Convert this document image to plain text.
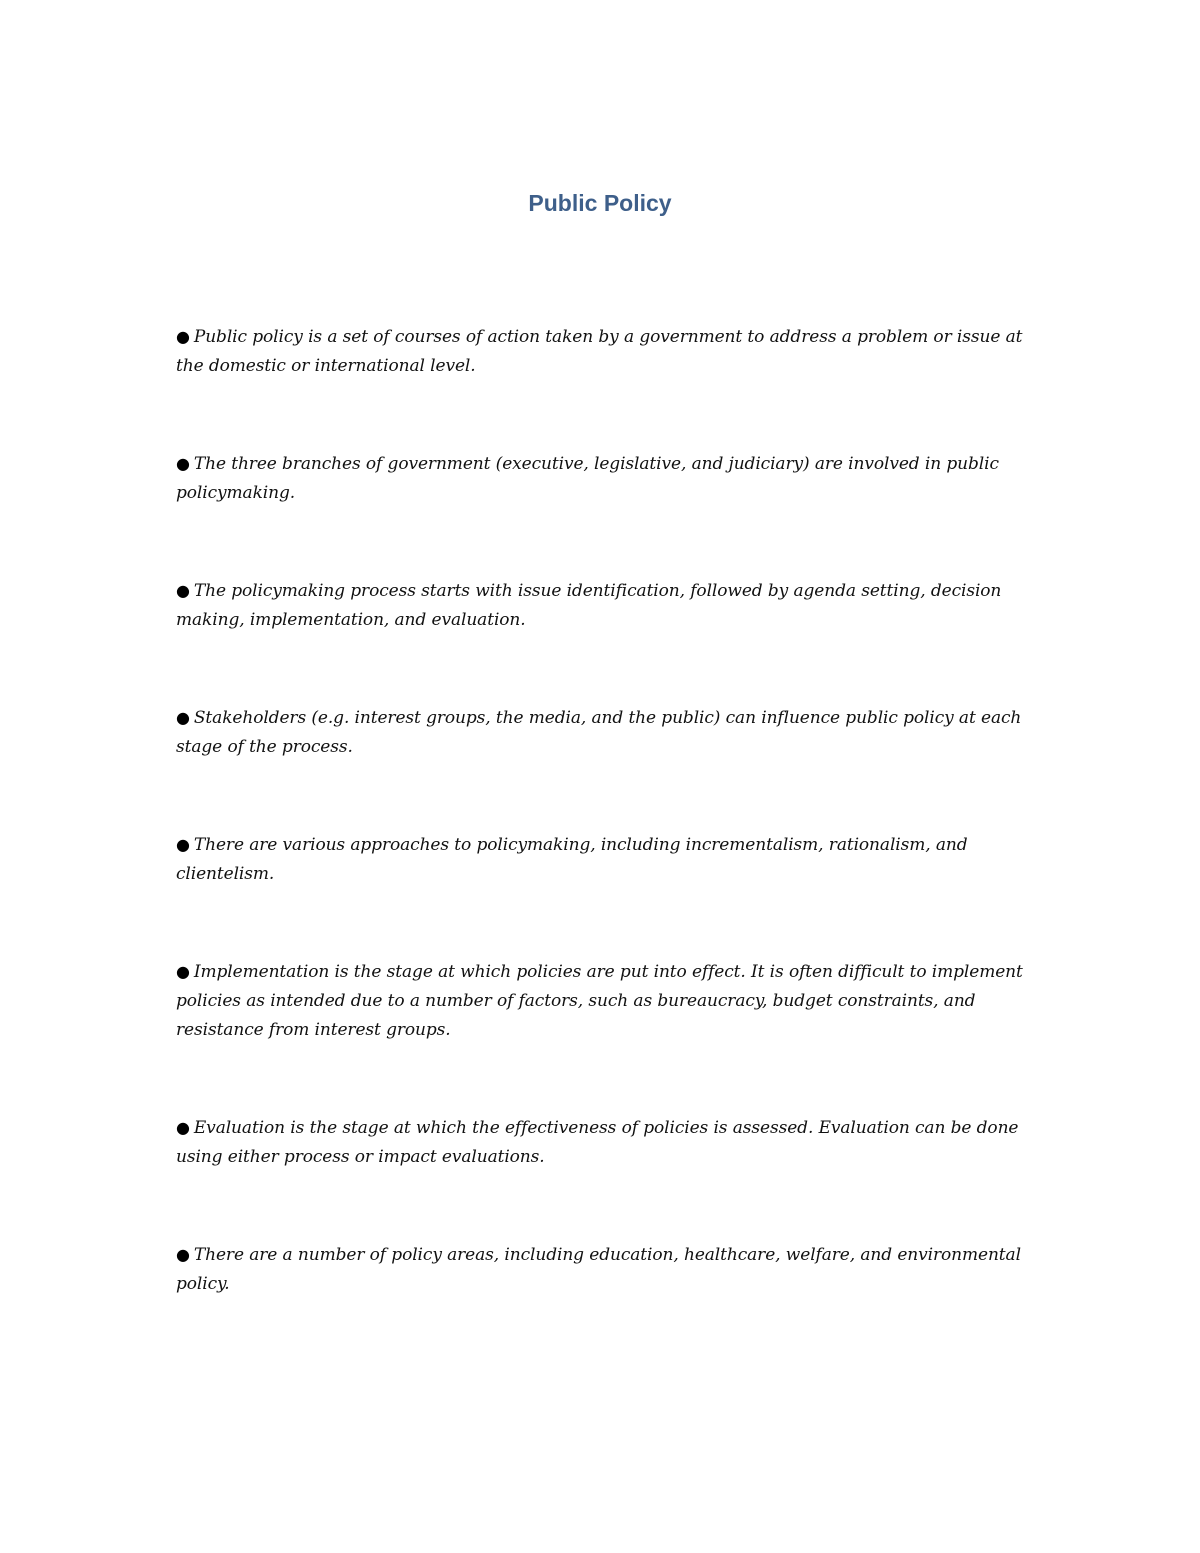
Public Policy
● Public policy is a set of courses of action taken by a government to address a problem or issue at the domestic or international level.
● The three branches of government (executive, legislative, and judiciary) are involved in public policymaking.
● The policymaking process starts with issue identification, followed by agenda setting, decision making, implementation, and evaluation.
● Stakeholders (e.g. interest groups, the media, and the public) can influence public policy at each stage of the process.
● There are various approaches to policymaking, including incrementalism, rationalism, and clientelism.
● Implementation is the stage at which policies are put into effect. It is often difficult to implement policies as intended due to a number of factors, such as bureaucracy, budget constraints, and resistance from interest groups.
● Evaluation is the stage at which the effectiveness of policies is assessed. Evaluation can be done using either process or impact evaluations.
● There are a number of policy areas, including education, healthcare, welfare, and environmental policy.
